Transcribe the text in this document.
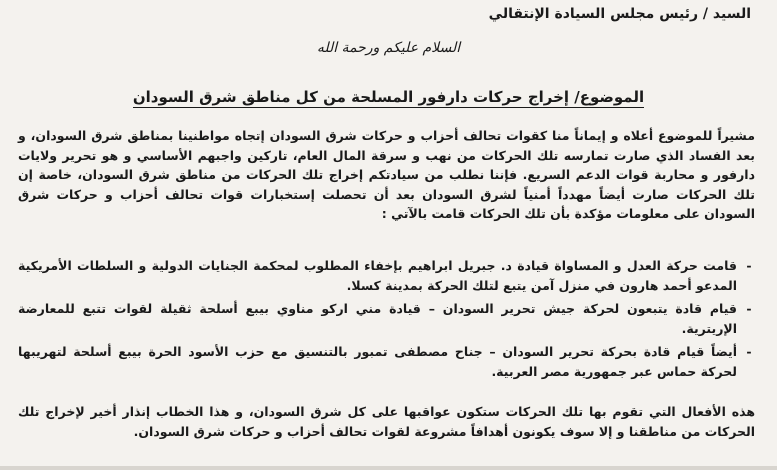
السيد / رئيس مجلس السيادة الإنتقالي
السلام عليكم ورحمة الله
الموضوع/ إخراج حركات دارفور المسلحة من كل مناطق شرق السودان
مشيراً للموضوع أعلاه و إيماناً منا كقوات تحالف أحزاب و حركات شرق السودان إتجاه مواطنينا بمناطق شرق السودان، و بعد الفساد الذي صارت تمارسه تلك الحركات من نهب و سرقة المال العام، تاركين واجبهم الأساسي و هو تحرير ولايات دارفور و محاربة قوات الدعم السريع. فإننا نطلب من سيادتكم إخراج تلك الحركات من مناطق شرق السودان، خاصة إن تلك الحركات صارت أيضاً مهدداً أمنياً لشرق السودان بعد أن تحصلت إستخبارات قوات تحالف أحزاب و حركات شرق السودان على معلومات مؤكدة بأن تلك الحركات قامت بالآتي :
-
قامت حركة العدل و المساواة قيادة د. جبريل ابراهيم بإخفاء المطلوب لمحكمة الجنايات الدولية و السلطات الأمريكية المدعو أحمد هارون في منزل آمن يتبع لتلك الحركة بمدينة كسلا.
-
قيام قادة يتبعون لحركة جيش تحرير السودان – قيادة مني اركو مناوي بيبع أسلحة ثقيلة لقوات تتبع للمعارضة الإريترية.
-
أيضاً قيام قادة بحركة تحرير السودان – جناح مصطفى تمبور بالتنسيق مع حزب الأسود الحرة بيبع أسلحة لتهريبها لحركة حماس عبر جمهورية مصر العربية.
هذه الأفعال التي تقوم بها تلك الحركات ستكون عواقبها على كل شرق السودان، و هذا الخطاب إنذار أخير لإخراج تلك الحركات من مناطقنا و إلا سوف يكونون أهدافاً مشروعة لقوات تحالف أحزاب و حركات شرق السودان.
